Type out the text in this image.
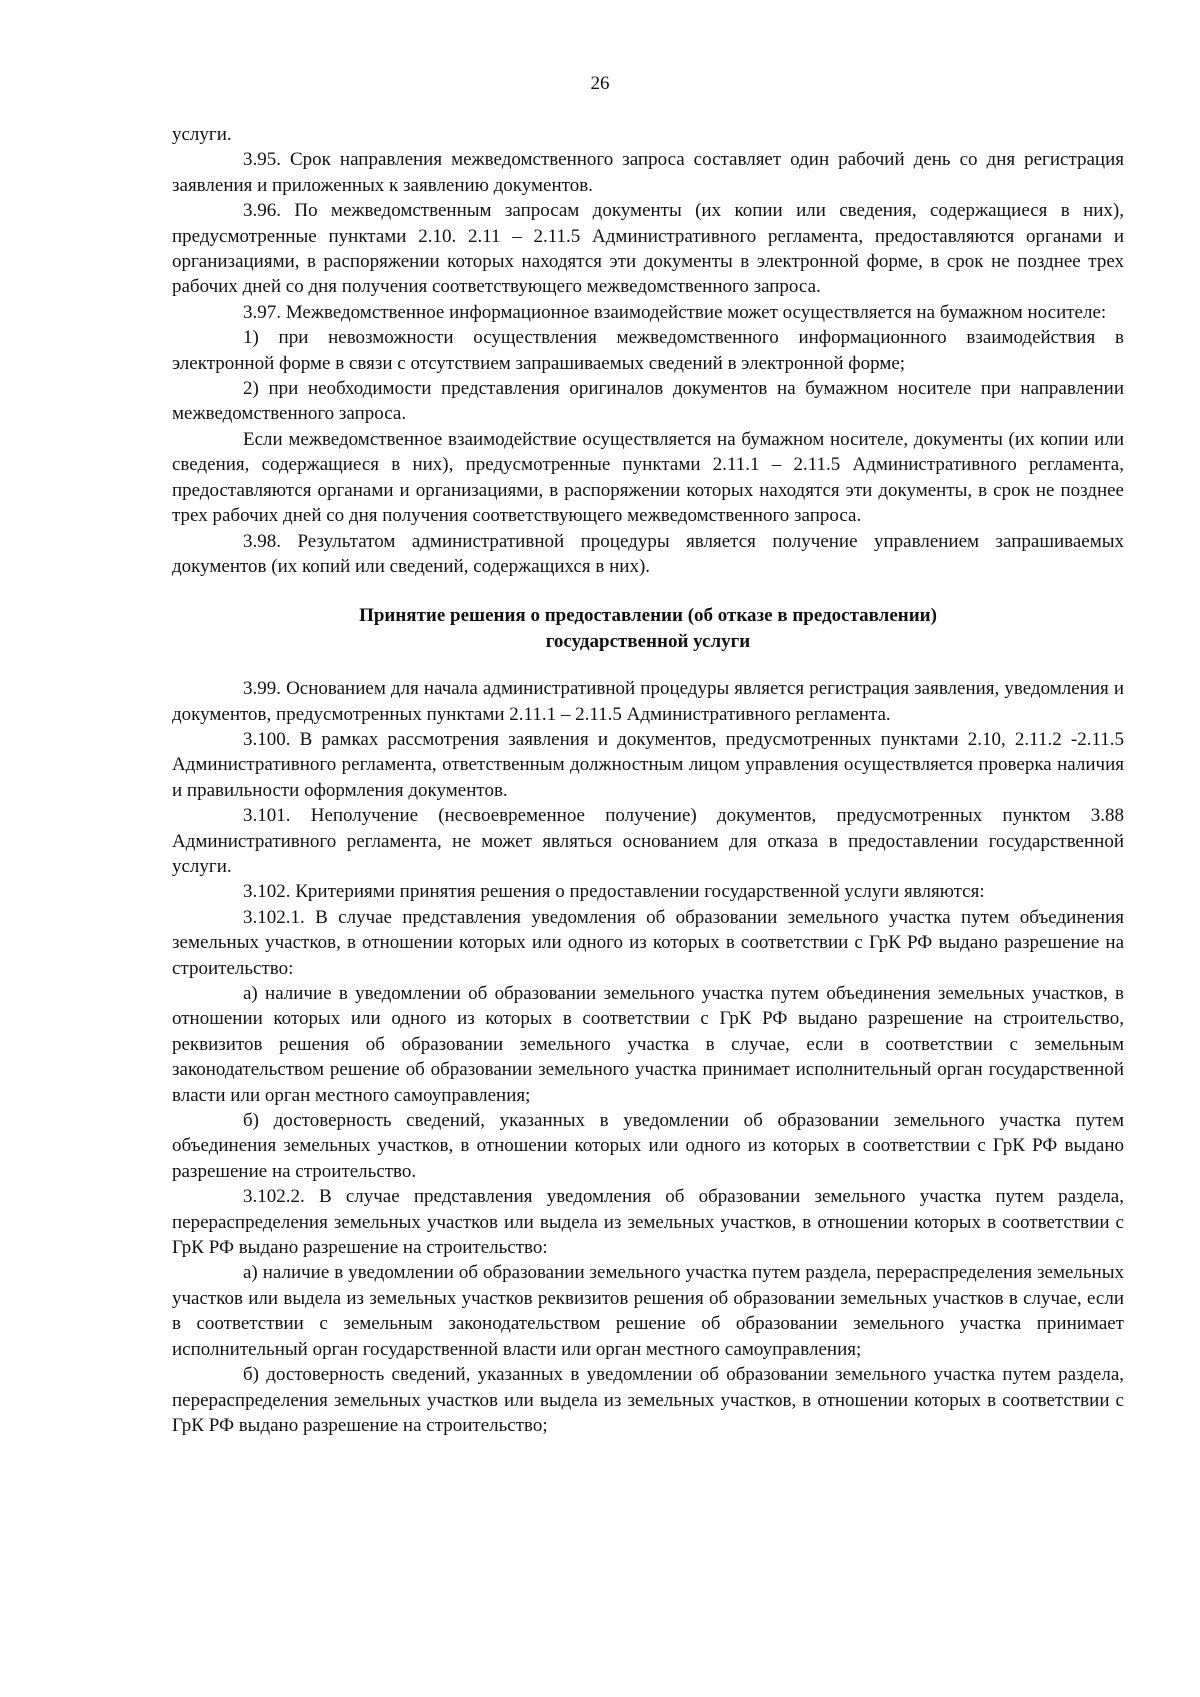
26

услуги.

3.95. Срок направления межведомственного запроса составляет один рабочий день со дня регистрация заявления и приложенных к заявлению документов.

3.96. По межведомственным запросам документы (их копии или сведения, содержащиеся в них), предусмотренные пунктами 2.10. 2.11 – 2.11.5 Административного регламента, предоставляются органами и организациями, в распоряжении которых находятся эти документы в электронной форме, в срок не позднее трех рабочих дней со дня получения соответствующего межведомственного запроса.

3.97. Межведомственное информационное взаимодействие может осуществляется на бумажном носителе:

1) при невозможности осуществления межведомственного информационного взаимодействия в электронной форме в связи с отсутствием запрашиваемых сведений в электронной форме;

2) при необходимости представления оригиналов документов на бумажном носителе при направлении межведомственного запроса.

Если межведомственное взаимодействие осуществляется на бумажном носителе, документы (их копии или сведения, содержащиеся в них), предусмотренные пунктами 2.11.1 – 2.11.5 Административного регламента, предоставляются органами и организациями, в распоряжении которых находятся эти документы, в срок не позднее трех рабочих дней со дня получения соответствующего межведомственного запроса.

3.98. Результатом административной процедуры является получение управлением запрашиваемых документов (их копий или сведений, содержащихся в них).

Принятие решения о предоставлении (об отказе в предоставлении)
государственной услуги

3.99. Основанием для начала административной процедуры является регистрация заявления, уведомления и документов, предусмотренных пунктами 2.11.1 – 2.11.5 Административного регламента.

3.100. В рамках рассмотрения заявления и документов, предусмотренных пунктами 2.10, 2.11.2 -2.11.5 Административного регламента, ответственным должностным лицом управления осуществляется проверка наличия и правильности оформления документов.

3.101. Неполучение (несвоевременное получение) документов, предусмотренных пунктом 3.88 Административного регламента, не может являться основанием для отказа в предоставлении государственной услуги.

3.102. Критериями принятия решения о предоставлении государственной услуги являются:

3.102.1. В случае представления уведомления об образовании земельного участка путем объединения земельных участков, в отношении которых или одного из которых в соответствии с ГрК РФ выдано разрешение на строительство:

а) наличие в уведомлении об образовании земельного участка путем объединения земельных участков, в отношении которых или одного из которых в соответствии с ГрК РФ выдано разрешение на строительство, реквизитов решения об образовании земельного участка в случае, если в соответствии с земельным законодательством решение об образовании земельного участка принимает исполнительный орган государственной власти или орган местного самоуправления;

б) достоверность сведений, указанных в уведомлении об образовании земельного участка путем объединения земельных участков, в отношении которых или одного из которых в соответствии с ГрК РФ выдано разрешение на строительство.

3.102.2. В случае представления уведомления об образовании земельного участка путем раздела, перераспределения земельных участков или выдела из земельных участков, в отношении которых в соответствии с ГрК РФ выдано разрешение на строительство:

а) наличие в уведомлении об образовании земельного участка путем раздела, перераспределения земельных участков или выдела из земельных участков реквизитов решения об образовании земельных участков в случае, если в соответствии с земельным законодательством решение об образовании земельного участка принимает исполнительный орган государственной власти или орган местного самоуправления;

б) достоверность сведений, указанных в уведомлении об образовании земельного участка путем раздела, перераспределения земельных участков или выдела из земельных участков, в отношении которых в соответствии с ГрК РФ выдано разрешение на строительство;
